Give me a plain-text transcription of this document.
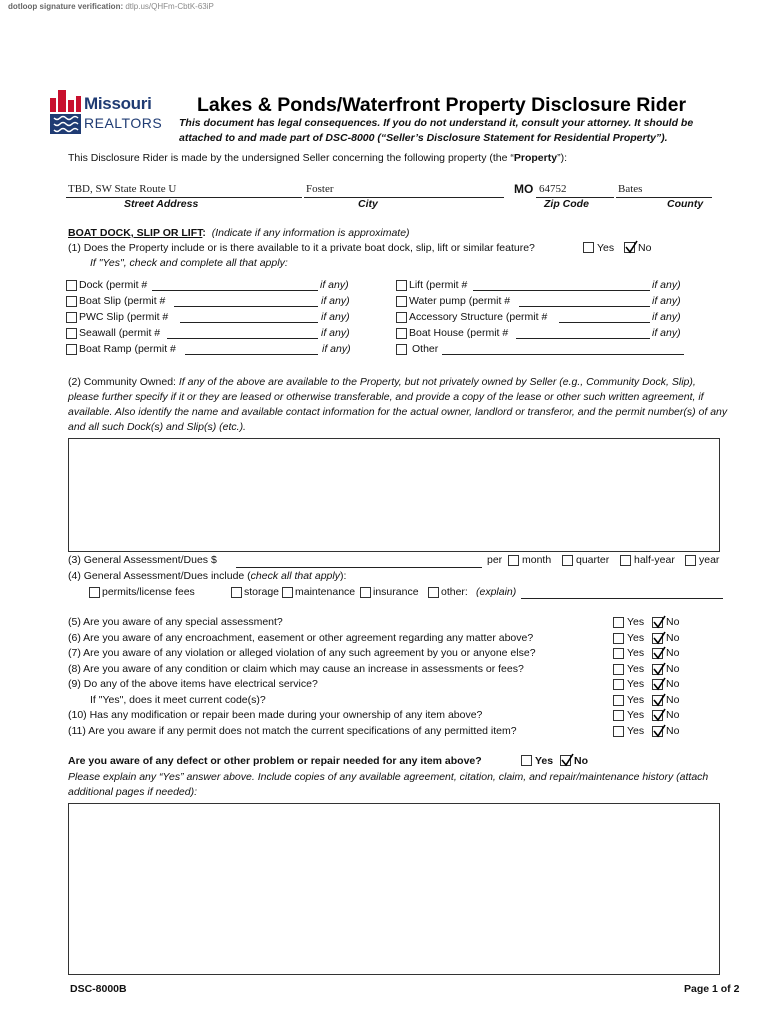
dotloop signature verification: dtlp.us/QHFm-CbtK-63iP
Missouri
REALTORS
Lakes & Ponds/Waterfront Property Disclosure Rider
This document has legal consequences. If you do not understand it, consult your attorney. It should be attached to and made part of DSC-8000 (“Seller’s Disclosure Statement for Residential Property”).
This Disclosure Rider is made by the undersigned Seller concerning the following property (the “Property”):
TBD, SW State Route U	Foster	MO 64752	Bates
Street Address	City	Zip Code	County
BOAT DOCK, SLIP OR LIFT: (Indicate if any information is approximate)
(1) Does the Property include or is there available to it a private boat dock, slip, lift or similar feature?	Yes No
If "Yes", check and complete all that apply:
Dock (permit #	if any)
Boat Slip (permit #	if any)
PWC Slip (permit #	if any)
Seawall (permit #	if any)
Boat Ramp (permit #	if any)
Lift (permit #	if any)
Water pump (permit #	if any)
Accessory Structure (permit #	if any)
Boat House (permit #	if any)
Other
(2) Community Owned: If any of the above are available to the Property, but not privately owned by Seller (e.g., Community Dock, Slip), please further specify if it or they are leased or otherwise transferable, and provide a copy of the lease or other such written agreement, if available. Also identify the name and available contact information for the actual owner, landlord or transferor, and the permit number(s) of any and all such Dock(s) and Slip(s) (etc.).
(3) General Assessment/Dues $	per month quarter half-year year
(4) General Assessment/Dues include (check all that apply):
permits/license fees	storage maintenance insurance other: (explain)
(5) Are you aware of any special assessment?	Yes No
(6) Are you aware of any encroachment, easement or other agreement regarding any matter above?	Yes No
(7) Are you aware of any violation or alleged violation of any such agreement by you or anyone else?	Yes No
(8) Are you aware of any condition or claim which may cause an increase in assessments or fees?	Yes No
(9) Do any of the above items have electrical service?	Yes No
If "Yes", does it meet current code(s)?	Yes No
(10) Has any modification or repair been made during your ownership of any item above?	Yes No
(11) Are you aware if any permit does not match the current specifications of any permitted item?	Yes No
Are you aware of any defect or other problem or repair needed for any item above?	Yes No
Please explain any “Yes” answer above. Include copies of any available agreement, citation, claim, and repair/maintenance history (attach additional pages if needed):
DSC-8000B	Page 1 of 2
